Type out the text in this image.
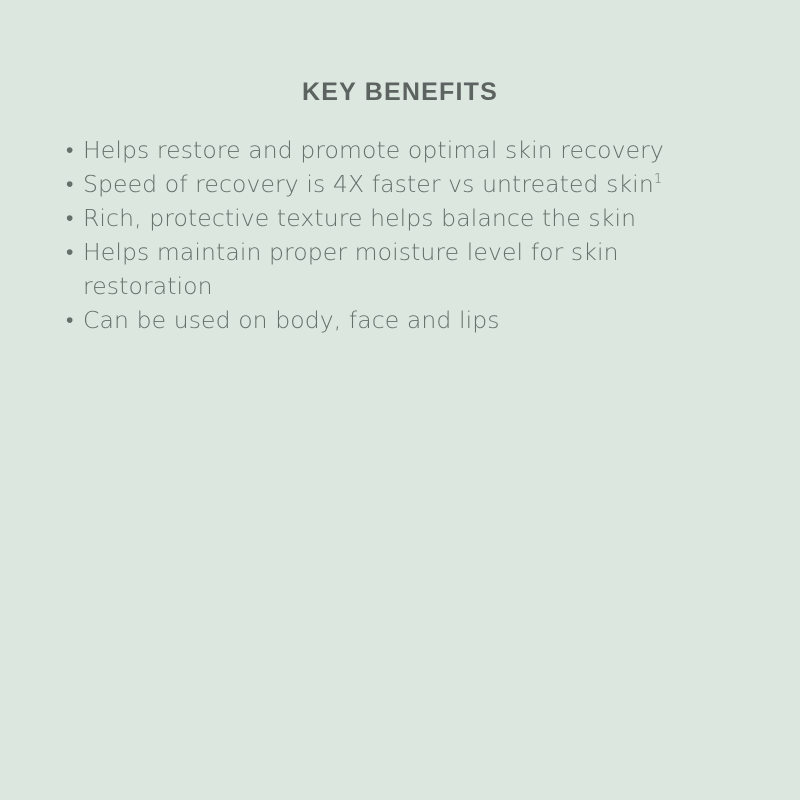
KEY BENEFITS
• Helps restore and promote optimal skin recovery
• Speed of recovery is 4X faster vs untreated skin$^1$
• Rich, protective texture helps balance the skin
• Helps maintain proper moisture level for skin restoration
• Can be used on body, face and lips
